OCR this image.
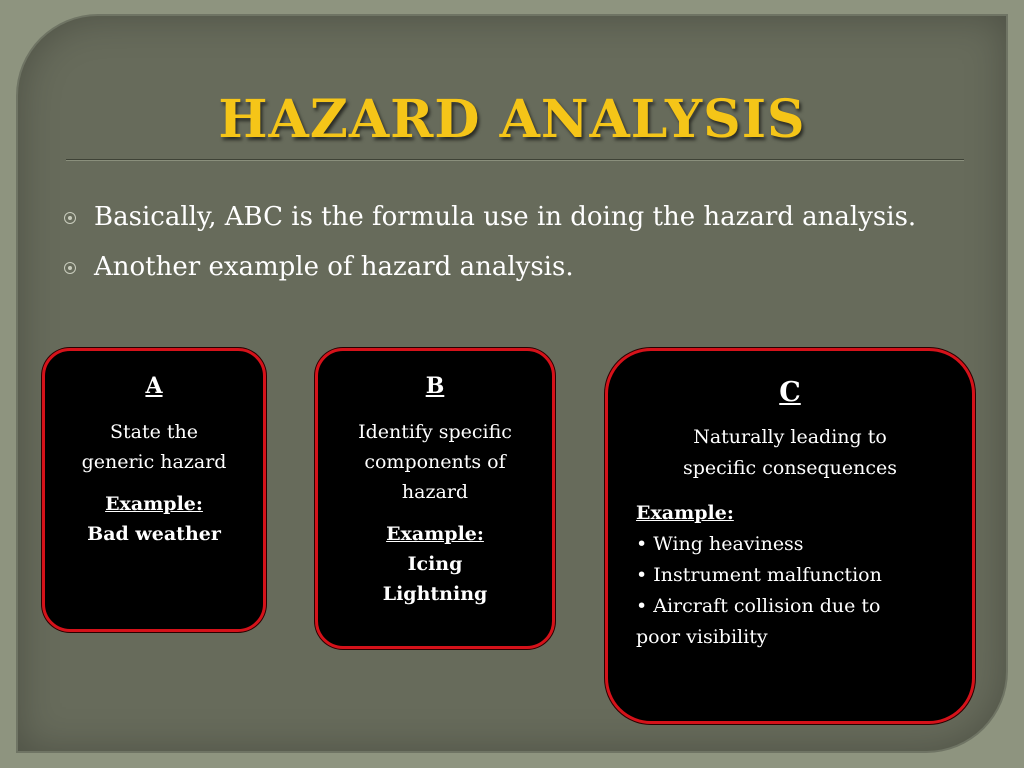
HAZARD ANALYSIS
Basically, ABC is the formula use in doing the hazard analysis.
Another example of hazard analysis.
A
State the
generic hazard
Example:
Bad weather
B
Identify specific
components of
hazard
Example:
Icing
Lightning
C
Naturally leading to
specific consequences
Example:
• Wing heaviness
• Instrument malfunction
• Aircraft collision due to
poor visibility
